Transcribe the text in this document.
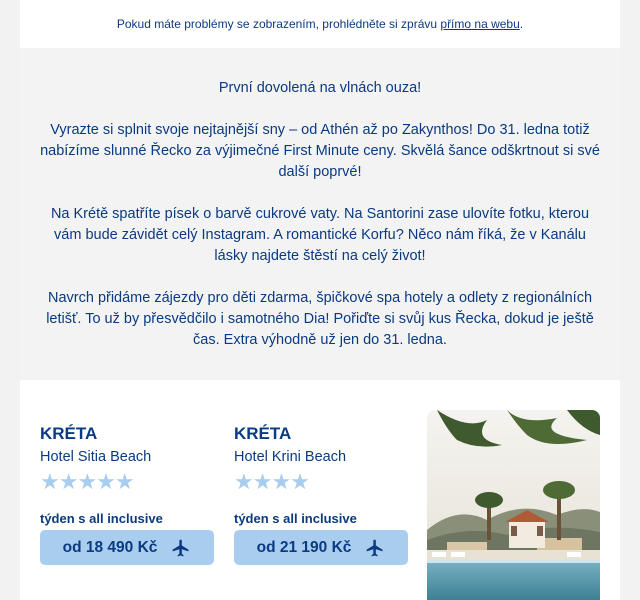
Pokud máte problémy se zobrazením, prohlédněte si zprávu přímo na webu.

První dovolená na vlnách ouza!

Vyrazte si splnit svoje nejtajnější sny – od Athén až po Zakynthos! Do 31. ledna totiž nabízíme slunné Řecko za výjimečné First Minute ceny. Skvělá šance odškrtnout si své další poprvé!

Na Krétě spatříte písek o barvě cukrové vaty. Na Santorini zase ulovíte fotku, kterou vám bude závidět celý Instagram. A romantické Korfu? Něco nám říká, že v Kanálu lásky najdete štěstí na celý život!

Navrch přidáme zájezdy pro děti zdarma, špičkové spa hotely a odlety z regionálních letišť. To už by přesvědčilo i samotného Dia! Pořiďte si svůj kus Řecka, dokud je ještě čas. Extra výhodně už jen do 31. ledna.

KRÉTA
Hotel Sitia Beach
★★★★★
týden s all inclusive
od 18 490 Kč
KRÉTA
Hotel Krini Beach
★★★★
týden s all inclusive
od 21 190 Kč
